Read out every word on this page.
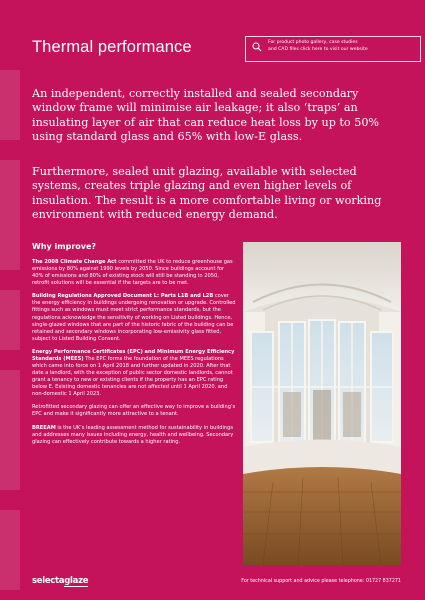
Thermal performance	For product photo gallery, case studies
and CAD files click here to visit our website

An independent, correctly installed and sealed secondary window frame will minimise air leakage; it also ‘traps’ an insulating layer of air that can reduce heat loss by up to 50% using standard glass and 65% with low-E glass.

Furthermore, sealed unit glazing, available with selected systems, creates triple glazing and even higher levels of insulation. The result is a more comfortable living or working environment with reduced energy demand.

Why improve?

The 2008 Climate Change Act committed the UK to reduce greenhouse gas emissions by 80% against 1990 levels by 2050. Since buildings account for 40% of emissions and 80% of existing stock will still be standing in 2050, retrofit solutions will be essential if the targets are to be met.

Building Regulations Approved Document L: Parts L1B and L2B cover the energy efficiency in buildings undergoing renovation or upgrade. Controlled fittings such as windows must meet strict performance standards, but the regulations acknowledge the sensitivity of working on Listed buildings. Hence, single-glazed windows that are part of the historic fabric of the building can be retained and secondary windows incorporating low-emissivity glass fitted, subject to Listed Building Consent.

Energy Performance Certificates (EPC) and Minimum Energy Efficiency Standards (MEES) The EPC forms the foundation of the MEES regulations which came into force on 1 April 2018 and further updated in 2020. After that date a landlord, with the exception of public sector domestic landlords, cannot grant a tenancy to new or existing clients if the property has an EPC rating below E. Existing domestic tenancies are not affected until 1 April 2020, and non-domestic 1 April 2023.

Retrofitted secondary glazing can offer an effective way to improve a building’s EPC and make it significantly more attractive to a tenant.

BREEAM is the UK’s leading assessment method for sustainability in buildings and addresses many issues including energy, health and wellbeing. Secondary glazing can effectively contribute towards a higher rating.

selectaglaze	For technical support and advice please telephone: 01727 837271
